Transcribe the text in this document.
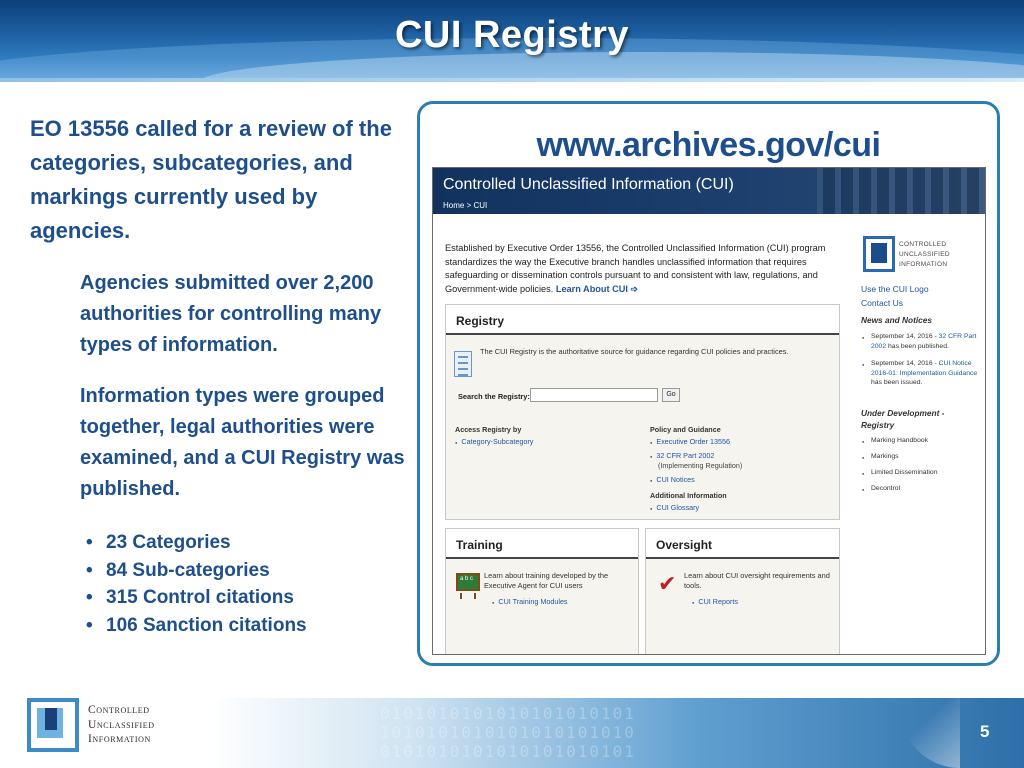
CUI Registry

EO 13556 called for a review of the categories, subcategories, and markings currently used by agencies.

Agencies submitted over 2,200 authorities for controlling many types of information.

Information types were grouped together, legal authorities were examined, and a CUI Registry was published.

• 23 Categories
• 84 Sub-categories
• 315 Control citations
• 106 Sanction citations
www.archives.gov/cui
Controlled Unclassified Information (CUI)
Home > CUI
Established by Executive Order 13556, the Controlled Unclassified Information (CUI) program standardizes the way the Executive branch handles unclassified information that requires safeguarding or dissemination controls pursuant to and consistent with law, regulations, and Government-wide policies. Learn About CUI ➩
Registry
The CUI Registry is the authoritative source for guidance regarding CUI policies and practices.
Search the Registry:	Go
Access Registry by
● Category-Subcategory
Policy and Guidance
● Executive Order 13556
● 32 CFR Part 2002
(Implementing Regulation)
● CUI Notices
Additional Information
● CUI Glossary
Training
a b c Learn about training developed by the Executive Agent for CUI users
● CUI Training Modules
Oversight
✔ Learn about CUI oversight requirements and tools.
● CUI Reports
CONTROLLED
UNCLASSIFIED
INFORMATION
Use the CUI Logo
Contact Us
News and Notices
● September 14, 2016 - 32 CFR Part 2002 has been published.
● September 14, 2016 - CUI Notice 2016-01: Implementation Guidance has been issued.
Under Development - Registry
● Marking Handbook
● Markings
● Limited Dissemination
● Decontrol
0101010101010101010101
1010101010101010101010
0101010101010101010101
Controlled
Unclassified
Information	5
